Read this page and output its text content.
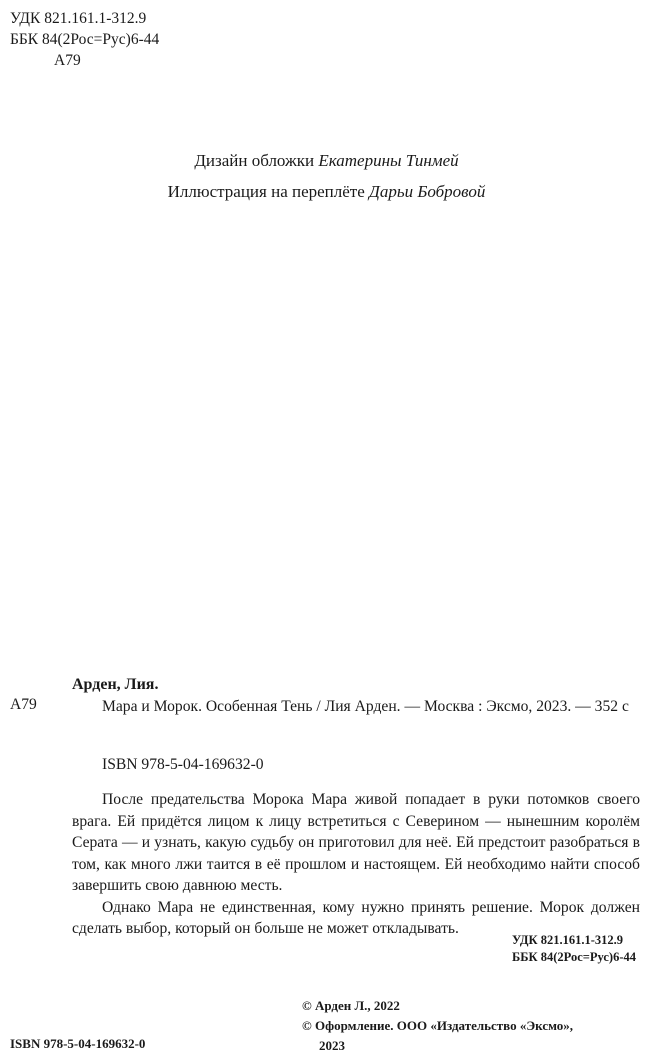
УДК 821.161.1-312.9
ББК 84(2Рос=Рус)6-44
А79
Дизайн обложки Екатерины Тинмей
Иллюстрация на переплёте Дарьи Бобровой
Арден, Лия.
А79	Мара и Морок. Особенная Тень / Лия Арден. — Москва : Эксмо, 2023. — 352 с
ISBN 978-5-04-169632-0

После предательства Морока Мара живой попадает в руки потомков своего врага. Ей придётся лицом к лицу встретиться с Северином — нынешним королём Серата — и узнать, какую судьбу он приготовил для неё. Ей предстоит разобраться в том, как много лжи таится в её прошлом и настоящем. Ей необходимо найти способ завершить свою давнюю месть.

Однако Мара не единственная, кому нужно принять решение. Морок должен сделать выбор, который он больше не может откладывать.

УДК 821.161.1-312.9
ББК 84(2Рос=Рус)6-44
© Арден Л., 2022
© Оформление. ООО «Издательство «Эксмо»,
2023
ISBN 978-5-04-169632-0
